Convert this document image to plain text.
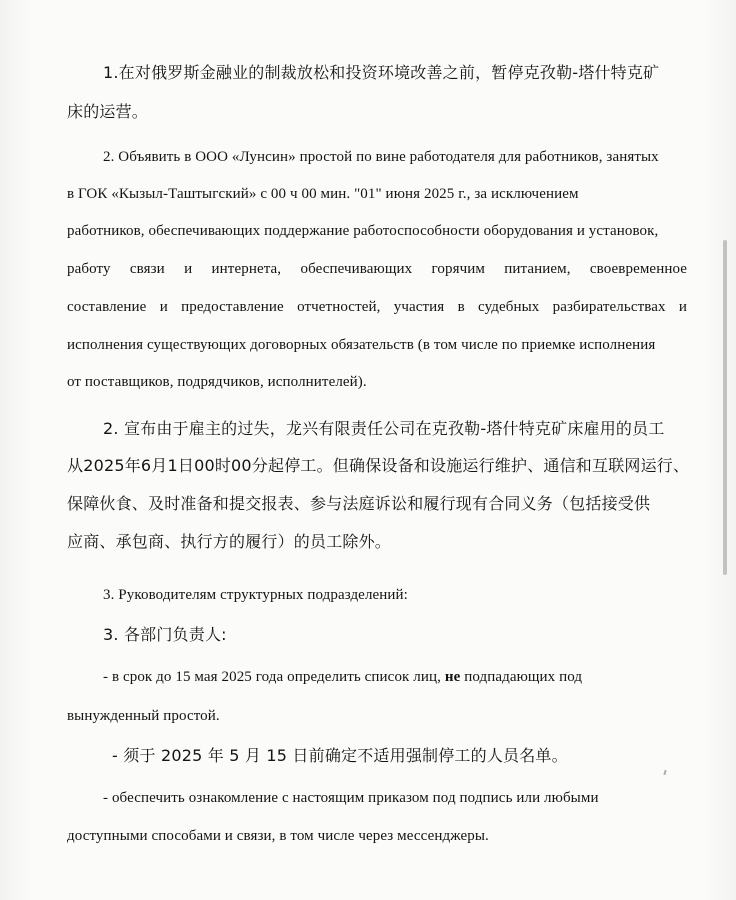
1.在对俄罗斯金融业的制裁放松和投资环境改善之前，暂停克孜勒-塔什特克矿
床的运营。
2. Объявить в ООО «Лунсин» простой по вине работодателя для работников, занятых
в ГОК «Кызыл-Таштыгский» с 00 ч 00 мин. "01" июня 2025 г., за исключением
работников, обеспечивающих поддержание работоспособности оборудования и установок,
работу связи и интернета, обеспечивающих горячим питанием, своевременное
составление и предоставление отчетностей, участия в судебных разбирательствах и
исполнения существующих договорных обязательств (в том числе по приемке исполнения
от поставщиков, подрядчиков, исполнителей).
2. 宣布由于雇主的过失，龙兴有限责任公司在克孜勒-塔什特克矿床雇用的员工
从2025年6月1日00时00分起停工。但确保设备和设施运行维护、通信和互联网运行、
保障伙食、及时准备和提交报表、参与法庭诉讼和履行现有合同义务（包括接受供
应商、承包商、执行方的履行）的员工除外。
3. Руководителям структурных подразделений:
3. 各部门负责人:
- в срок до 15 мая 2025 года определить список лиц, не подпадающих под
вынужденный простой.
- 须于 2025 年 5 月 15 日前确定不适用强制停工的人员名单。
- обеспечить ознакомление с настоящим приказом под подпись или любыми
доступными способами и связи, в том числе через мессенджеры.
